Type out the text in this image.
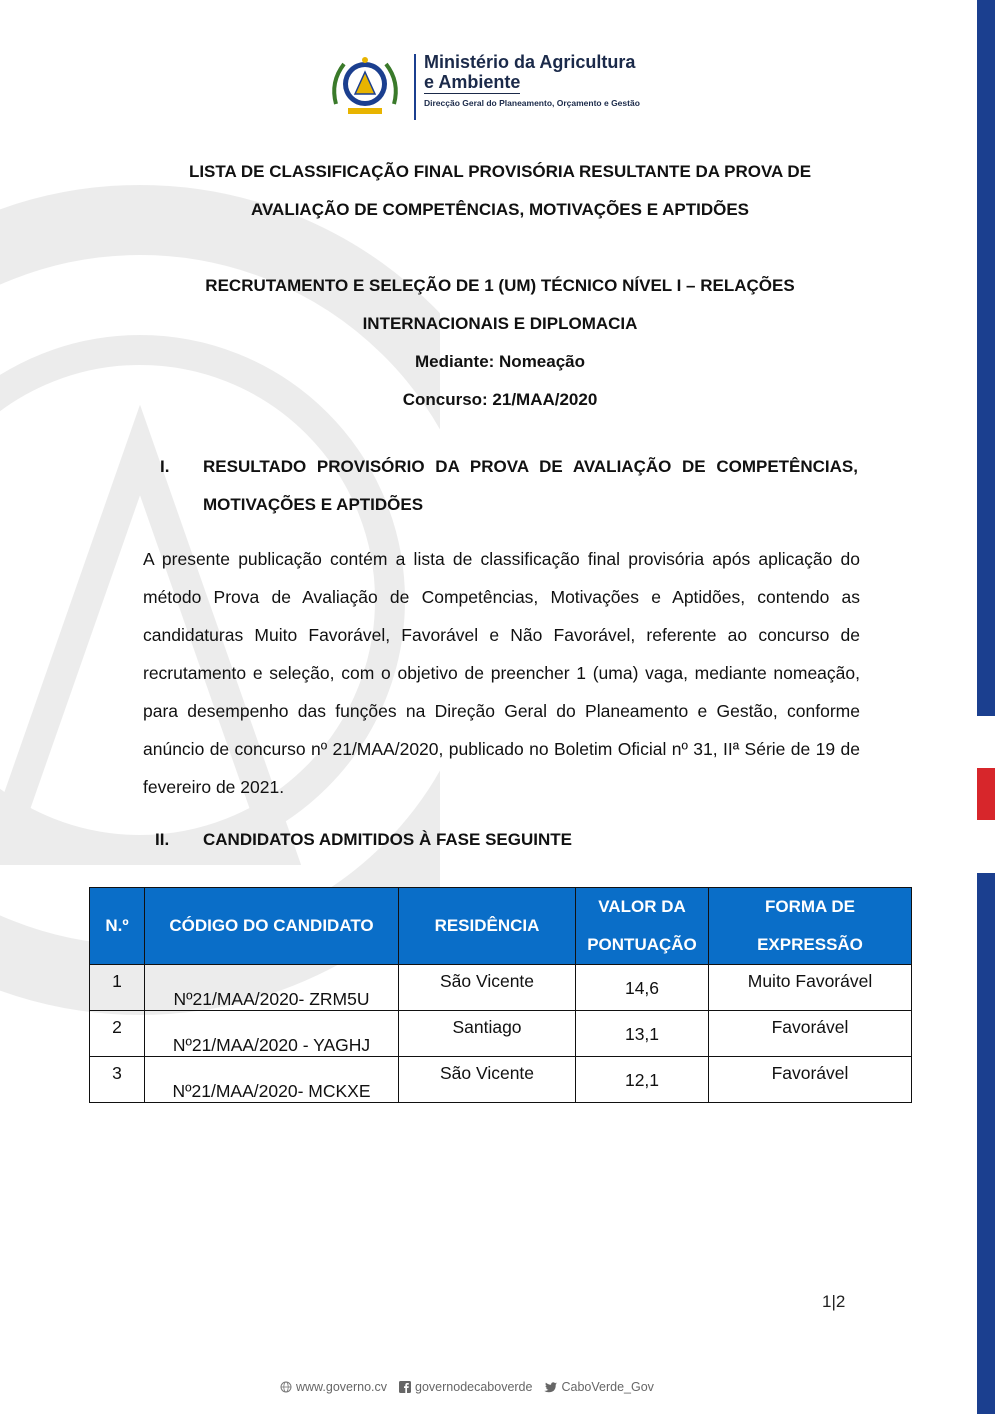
Ministério da Agricultura
e Ambiente
Direcção Geral do Planeamento, Orçamento e Gestão
LISTA DE CLASSIFICAÇÃO FINAL PROVISÓRIA RESULTANTE DA PROVA DE
AVALIAÇÃO DE COMPETÊNCIAS, MOTIVAÇÕES E APTIDÕES
RECRUTAMENTO E SELEÇÃO DE 1 (UM) TÉCNICO NÍVEL I – RELAÇÕES
INTERNACIONAIS E DIPLOMACIA
Mediante: Nomeação
Concurso: 21/MAA/2020
I. RESULTADO PROVISÓRIO DA PROVA DE AVALIAÇÃO DE COMPETÊNCIAS, MOTIVAÇÕES E APTIDÕES
A presente publicação contém a lista de classificação final provisória após aplicação do método Prova de Avaliação de Competências, Motivações e Aptidões, contendo as candidaturas Muito Favorável, Favorável e Não Favorável, referente ao concurso de recrutamento e seleção, com o objetivo de preencher 1 (uma) vaga, mediante nomeação, para desempenho das funções na Direção Geral do Planeamento e Gestão, conforme anúncio de concurso nº 21/MAA/2020, publicado no Boletim Oficial nº 31, IIª Série de 19 de fevereiro de 2021.
II. CANDIDATOS ADMITIDOS À FASE SEGUINTE
N.º	CÓDIGO DO CANDIDATO	RESIDÊNCIA	VALOR DA PONTUAÇÃO	FORMA DE EXPRESSÃO

1	Nº21/MAA/2020- ZRM5U	São Vicente	14,6	Muito Favorável

2	Nº21/MAA/2020 - YAGHJ	Santiago	13,1	Favorável

3	Nº21/MAA/2020- MCKXE	São Vicente	12,1	Favorável
1|2
www.governo.cv governodecaboverde CaboVerde_Gov
